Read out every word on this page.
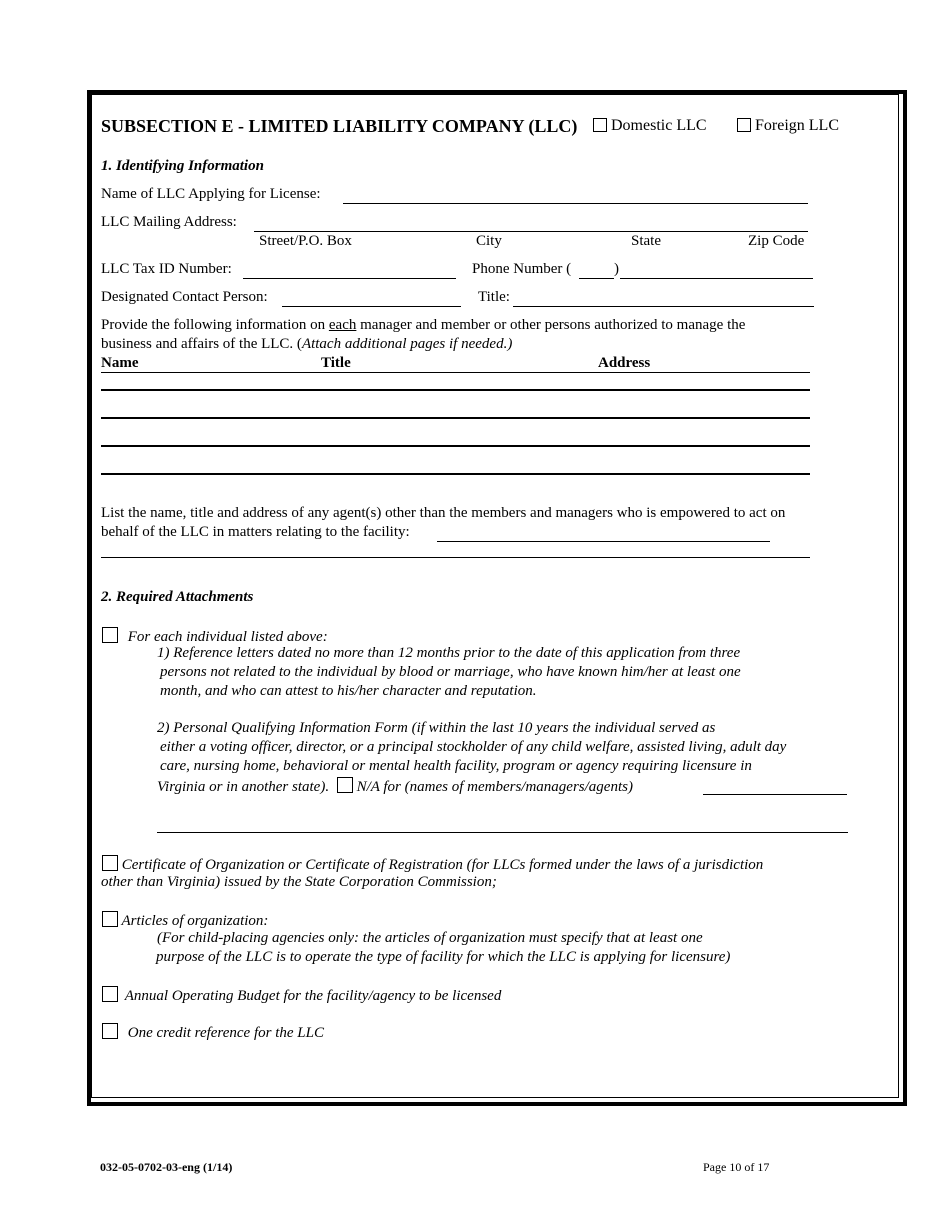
SUBSECTION E - LIMITED LIABILITY COMPANY (LLC)	Domestic LLC	Foreign LLC
1. Identifying Information
Name of LLC Applying for License:
LLC Mailing Address:
Street/P.O. Box	City	State	Zip Code
LLC Tax ID Number:	Phone Number (	)
Designated Contact Person:	Title:
Provide the following information on each manager and member or other persons authorized to manage the
business and affairs of the LLC. (Attach additional pages if needed.)
Name	Title	Address
List the name, title and address of any agent(s) other than the members and managers who is empowered to act on
behalf of the LLC in matters relating to the facility:
2. Required Attachments
For each individual listed above:
1) Reference letters dated no more than 12 months prior to the date of this application from three
persons not related to the individual by blood or marriage, who have known him/her at least one
month, and who can attest to his/her character and reputation.
2) Personal Qualifying Information Form (if within the last 10 years the individual served as
either a voting officer, director, or a principal stockholder of any child welfare, assisted living, adult day
care, nursing home, behavioral or mental health facility, program or agency requiring licensure in
Virginia or in another state). N/A for (names of members/managers/agents)
Certificate of Organization or Certificate of Registration (for LLCs formed under the laws of a jurisdiction
other than Virginia) issued by the State Corporation Commission;
Articles of organization:
(For child-placing agencies only: the articles of organization must specify that at least one
purpose of the LLC is to operate the type of facility for which the LLC is applying for licensure)
Annual Operating Budget for the facility/agency to be licensed
One credit reference for the LLC
032-05-0702-03-eng (1/14)	Page 10 of 17
